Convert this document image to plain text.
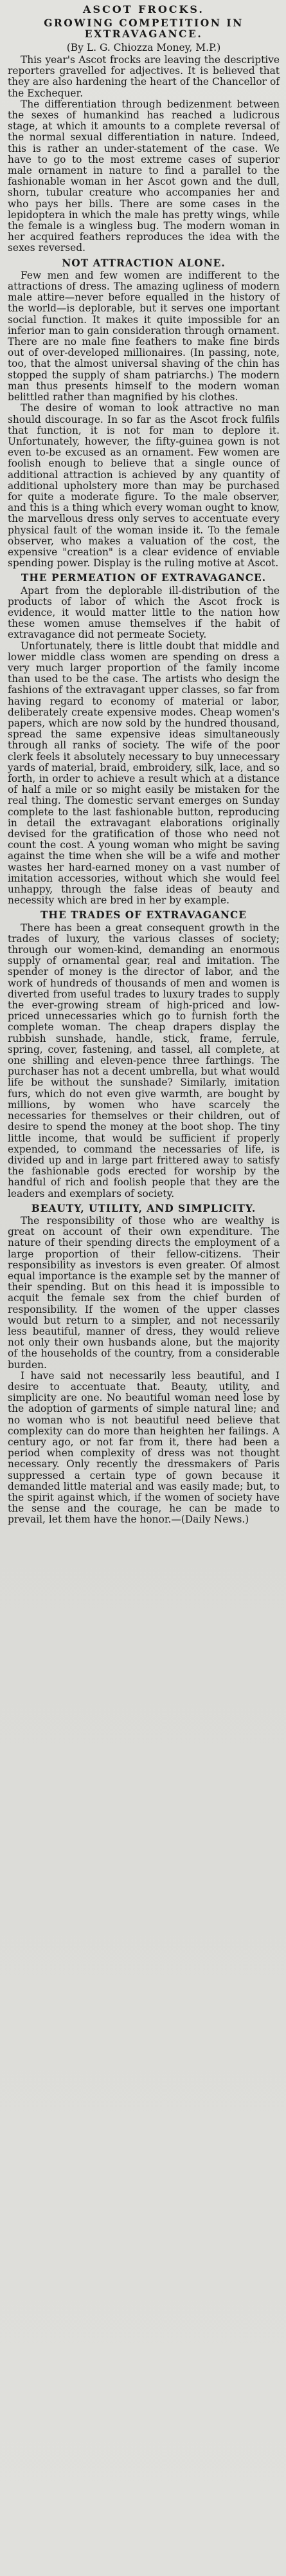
ASCOT FROCKS.
GROWING COMPETITION IN EXTRAVAGANCE.
(By L. G. Chiozza Money, M.P.)

This year's Ascot frocks are leaving the descriptive reporters gravelled for adjectives. It is believed that they are also hardening the heart of the Chancellor of the Exchequer.

The differentiation through bedizenment between the sexes of humankind has reached a ludicrous stage, at which it amounts to a complete reversal of the normal sexual differentiation in nature. Indeed, this is rather an under-statement of the case. We have to go to the most extreme cases of superior male ornament in nature to find a parallel to the fashionable woman in her Ascot gown and the dull, shorn, tubular creature who accompanies her and who pays her bills. There are some cases in the lepidoptera in which the male has pretty wings, while the female is a wingless bug. The modern woman in her acquired feathers reproduces the idea with the sexes reversed.

NOT ATTRACTION ALONE.

Few men and few women are indifferent to the attractions of dress. The amazing ugliness of modern male attire—never before equalled in the history of the world—is deplorable, but it serves one important social function. It makes it quite impossible for an inferior man to gain consideration through ornament. There are no male fine feathers to make fine birds out of over-developed millionaires. (In passing, note, too, that the almost universal shaving of the chin has stopped the supply of sham patriarchs.) The modern man thus presents himself to the modern woman belittled rather than magnified by his clothes.

The desire of woman to look attractive no man should discourage. In so far as the Ascot frock fulfils that function, it is not for man to deplore it. Unfortunately, however, the fifty-guinea gown is not even to-be excused as an ornament. Few women are foolish enough to believe that a single ounce of additional attraction is achieved by any quantity of additional upholstery more than may be purchased for quite a moderate figure. To the male observer, and this is a thing which every woman ought to know, the marvellous dress only serves to accentuate every physical fault of the woman inside it. To the female observer, who makes a valuation of the cost, the expensive "creation" is a clear evidence of enviable spending power. Display is the ruling motive at Ascot.

THE PERMEATION OF EXTRAVAGANCE.

Apart from the deplorable ill-distribution of the products of labor of which the Ascot frock is evidence, it would matter little to the nation how these women amuse themselves if the habit of extravagance did not permeate Society.

Unfortunately, there is little doubt that middle and lower middle class women are spending on dress a very much larger proportion of the family income than used to be the case. The artists who design the fashions of the extravagant upper classes, so far from having regard to economy of material or labor, deliberately create expensive modes. Cheap women's papers, which are now sold by the hundred thousand, spread the same expensive ideas simultaneously through all ranks of society. The wife of the poor clerk feels it absolutely necessary to buy unnecessary yards of material, braid, embroidery, silk, lace, and so forth, in order to achieve a result which at a distance of half a mile or so might easily be mistaken for the real thing. The domestic servant emerges on Sunday complete to the last fashionable button, reproducing in detail the extravagant elaborations originally devised for the gratification of those who need not count the cost. A young woman who might be saving against the time when she will be a wife and mother wastes her hard-earned money on a vast number of imitation accessories, without which she would feel unhappy, through the false ideas of beauty and necessity which are bred in her by example.

THE TRADES OF EXTRAVAGANCE

There has been a great consequent growth in the trades of luxury, the various classes of society; through our women-kind, demanding an enormous supply of ornamental gear, real and imitation. The spender of money is the director of labor, and the work of hundreds of thousands of men and women is diverted from useful trades to luxury trades to supply the ever-growing stream of high-priced and low-priced unnecessaries which go to furnish forth the complete woman. The cheap drapers display the rubbish sunshade, handle, stick, frame, ferrule, spring, cover, fastening, and tassel, all complete, at one shilling and eleven-pence three farthings. The purchaser has not a decent umbrella, but what would life be without the sunshade? Similarly, imitation furs, which do not even give warmth, are bought by millions, by women who have scarcely the necessaries for themselves or their children, out of desire to spend the money at the boot shop. The tiny little income, that would be sufficient if properly expended, to command the necessaries of life, is divided up and in large part frittered away to satisfy the fashionable gods erected for worship by the handful of rich and foolish people that they are the leaders and exemplars of society.

BEAUTY, UTILITY, AND SIMPLICITY.

The responsibility of those who are wealthy is great on account of their own expenditure. The nature of their spending directs the employment of a large proportion of their fellow-citizens. Their responsibility as investors is even greater. Of almost equal importance is the example set by the manner of their spending. But on this head it is impossible to acquit the female sex from the chief burden of responsibility. If the women of the upper classes would but return to a simpler, and not necessarily less beautiful, manner of dress, they would relieve not only their own husbands alone, but the majority of the households of the country, from a considerable burden.

I have said not necessarily less beautiful, and I desire to accentuate that. Beauty, utility, and simplicity are one. No beautiful woman need lose by the adoption of garments of simple natural line; and no woman who is not beautiful need believe that complexity can do more than heighten her failings. A century ago, or not far from it, there had been a period when complexity of dress was not thought necessary. Only recently the dressmakers of Paris suppressed a certain type of gown because it demanded little material and was easily made; but, to the spirit against which, if the women of society have the sense and the courage, he can be made to prevail, let them have the honor.—(Daily News.)
